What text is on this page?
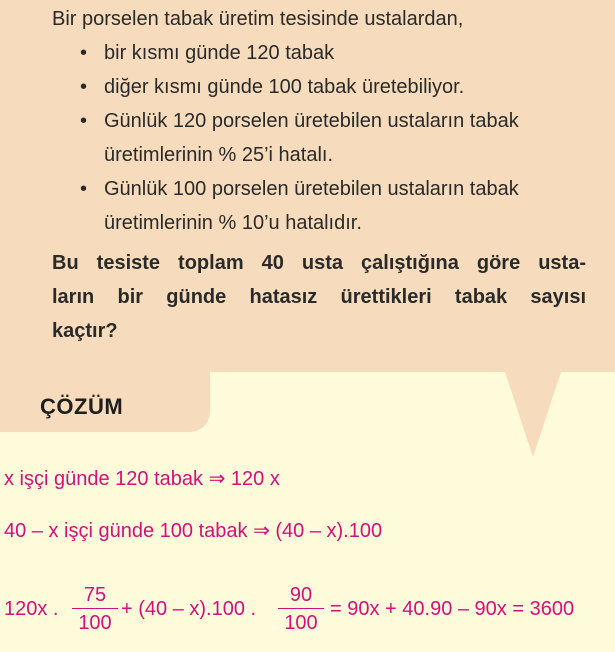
Bir porselen tabak üretim tesisinde ustalardan,
• bir kısmı günde 120 tabak
• diğer kısmı günde 100 tabak üretebiliyor.
• Günlük 120 porselen üretebilen ustaların tabak
üretimlerinin % 25’i hatalı.
• Günlük 100 porselen üretebilen ustaların tabak
üretimlerinin % 10’u hatalıdır.
Bu tesiste toplam 40 usta çalıştığına göre usta-
ların bir günde hatasız ürettikleri tabak sayısı
kaçtır?
ÇÖZÜM
x işçi günde 120 tabak ⇒ 120 x
40 – x işçi günde 100 tabak ⇒ (40 – x).100
120x .
75
100
+ (40 – x).100 .
90
100
= 90x + 40.90 – 90x = 3600
